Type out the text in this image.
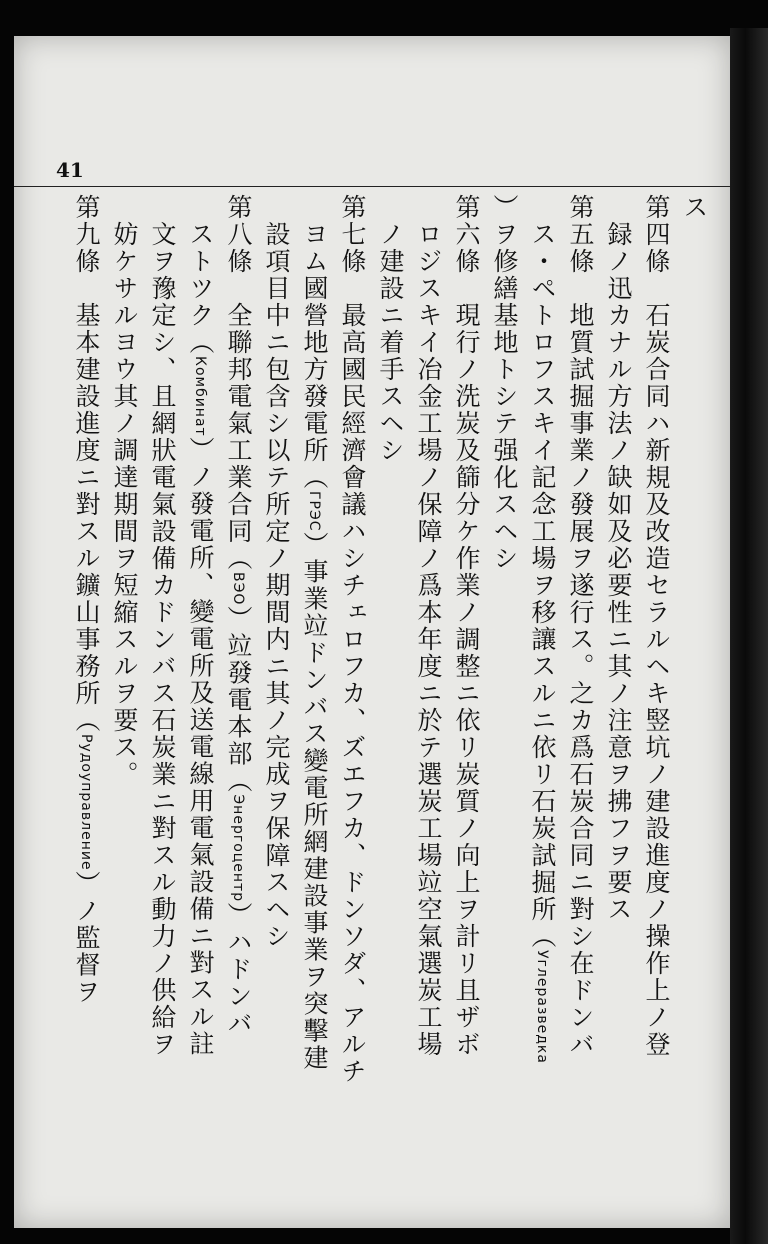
41
ス
第四條　石炭合同ハ新規及改造セラルヘキ竪坑ノ建設進度ノ操作上ノ登
　録ノ迅カナル方法ノ缺如及必要性ニ其ノ注意ヲ拂フヲ要ス
第五條　地質試掘事業ノ發展ヲ遂行ス。之カ爲石炭合同ニ對シ在ドンバ
　ス・ペトロフスキイ記念工場ヲ移讓スルニ依リ石炭試掘所（Углеразведка
）ヲ修繕基地トシテ强化スヘシ
第六條　現行ノ洗炭及篩分ケ作業ノ調整ニ依リ炭質ノ向上ヲ計リ且ザボ
　ロジスキイ冶金工場ノ保障ノ爲本年度ニ於テ選炭工場竝空氣選炭工場
　ノ建設ニ着手スヘシ
第七條　最高國民經濟會議ハシチェロフカ、ズエフカ、ドンソダ、アルチ
　ヨム國營地方發電所（ГРЭС）事業竝ドンバス變電所網建設事業ヲ突擊建
　設項目中ニ包含シ以テ所定ノ期間内ニ其ノ完成ヲ保障スヘシ
第八條　全聯邦電氣工業合同（ВЭО）竝發電本部（Энергоцентр）ハドンバ
　ストツク（Комбинат）ノ發電所、變電所及送電線用電氣設備ニ對スル註
　文ヲ豫定シ、且網狀電氣設備カドンバス石炭業ニ對スル動力ノ供給ヲ
　妨ケサルヨウ其ノ調達期間ヲ短縮スルヲ要ス。
第九條　基本建設進度ニ對スル鑛山事務所（Рудоуправление）ノ監督ヲ
